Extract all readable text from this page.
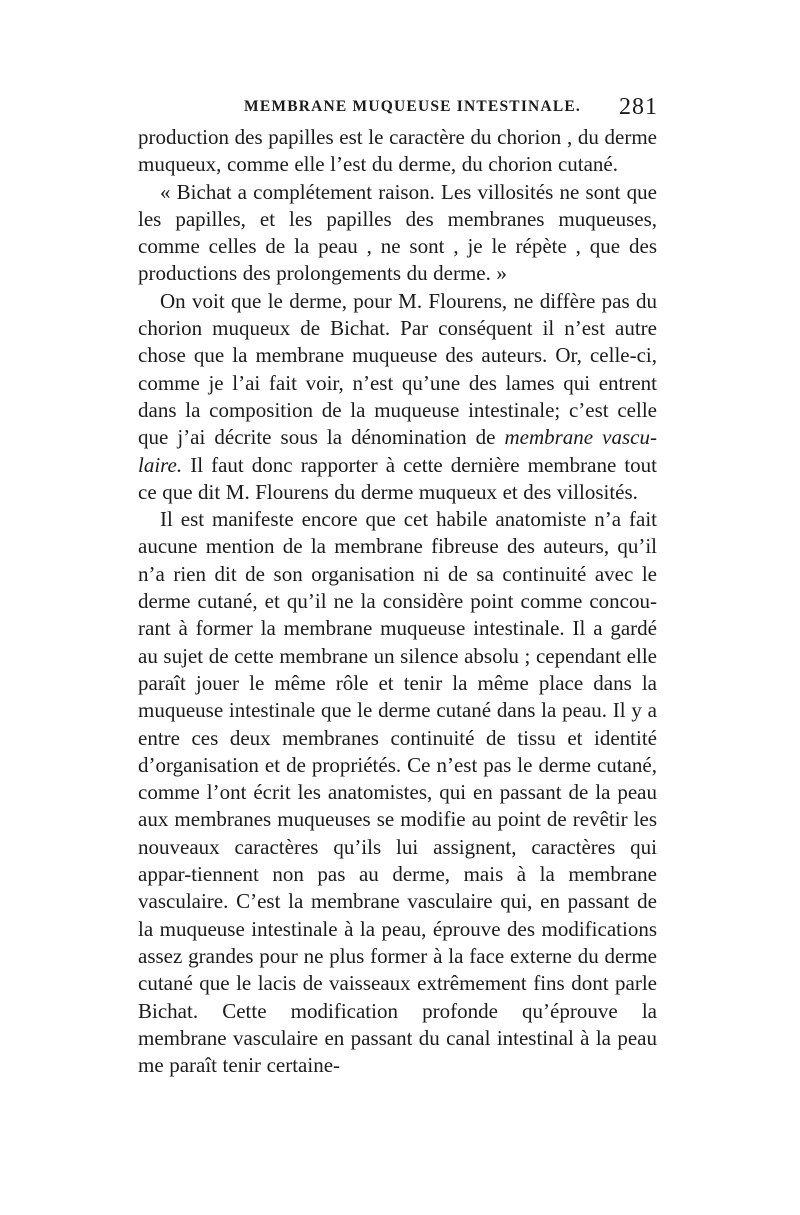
MEMBRANE MUQUEUSE INTESTINALE. 281

production des papilles est le caractère du chorion , du derme muqueux, comme elle l’est du derme, du chorion cutané.

« Bichat a complétement raison. Les villosités ne sont que les papilles, et les papilles des membranes muqueuses, comme celles de la peau , ne sont , je le répète , que des productions des prolongements du derme. »

On voit que le derme, pour M. Flourens, ne diffère pas du chorion muqueux de Bichat. Par conséquent il n’est autre chose que la membrane muqueuse des auteurs. Or, celle-ci, comme je l’ai fait voir, n’est qu’une des lames qui entrent dans la composition de la muqueuse intestinale; c’est celle que j’ai décrite sous la dénomination de membrane vascu-laire. Il faut donc rapporter à cette dernière membrane tout ce que dit M. Flourens du derme muqueux et des villosités.

Il est manifeste encore que cet habile anatomiste n’a fait aucune mention de la membrane fibreuse des auteurs, qu’il n’a rien dit de son organisation ni de sa continuité avec le derme cutané, et qu’il ne la considère point comme concou-rant à former la membrane muqueuse intestinale. Il a gardé au sujet de cette membrane un silence absolu ; cependant elle paraît jouer le même rôle et tenir la même place dans la muqueuse intestinale que le derme cutané dans la peau. Il y a entre ces deux membranes continuité de tissu et identité d’organisation et de propriétés. Ce n’est pas le derme cutané, comme l’ont écrit les anatomistes, qui en passant de la peau aux membranes muqueuses se modifie au point de revêtir les nouveaux caractères qu’ils lui assignent, caractères qui appar-tiennent non pas au derme, mais à la membrane vasculaire. C’est la membrane vasculaire qui, en passant de la muqueuse intestinale à la peau, éprouve des modifications assez grandes pour ne plus former à la face externe du derme cutané que le lacis de vaisseaux extrêmement fins dont parle Bichat. Cette modification profonde qu’éprouve la membrane vasculaire en passant du canal intestinal à la peau me paraît tenir certaine-
